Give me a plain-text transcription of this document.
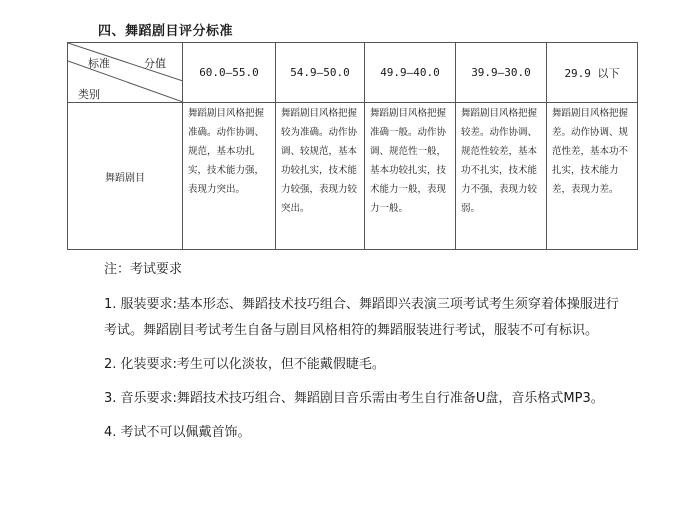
四、舞蹈剧目评分标准
标准 分值
类别	60.0—55.0	54.9—50.0	49.9—40.0	39.9—30.0	29.9 以下
舞蹈剧目	舞蹈剧目风格把握准确。动作协调、规范，基本功扎实，技术能力强，表现力突出。	舞蹈剧目风格把握较为准确。动作协调、较规范，基本功较扎实，技术能力较强，表现力较突出。	舞蹈剧目风格把握准确一般。动作协调、规范性一般，基本功较扎实，技术能力一般，表现力一般。	舞蹈剧目风格把握较差。动作协调、规范性较差，基本功不扎实，技术能力不强，表现力较弱。	舞蹈剧目风格把握差。动作协调、规范性差，基本功不扎实，技术能力差，表现力差。
注：考试要求
1. 服装要求:基本形态、舞蹈技术技巧组合、舞蹈即兴表演三项考试考生须穿着体操服进行考试。舞蹈剧目考试考生自备与剧目风格相符的舞蹈服装进行考试，服装不可有标识。
2. 化装要求:考生可以化淡妆，但不能戴假睫毛。
3. 音乐要求:舞蹈技术技巧组合、舞蹈剧目音乐需由考生自行准备U盘，音乐格式MP3。
4. 考试不可以佩戴首饰。
